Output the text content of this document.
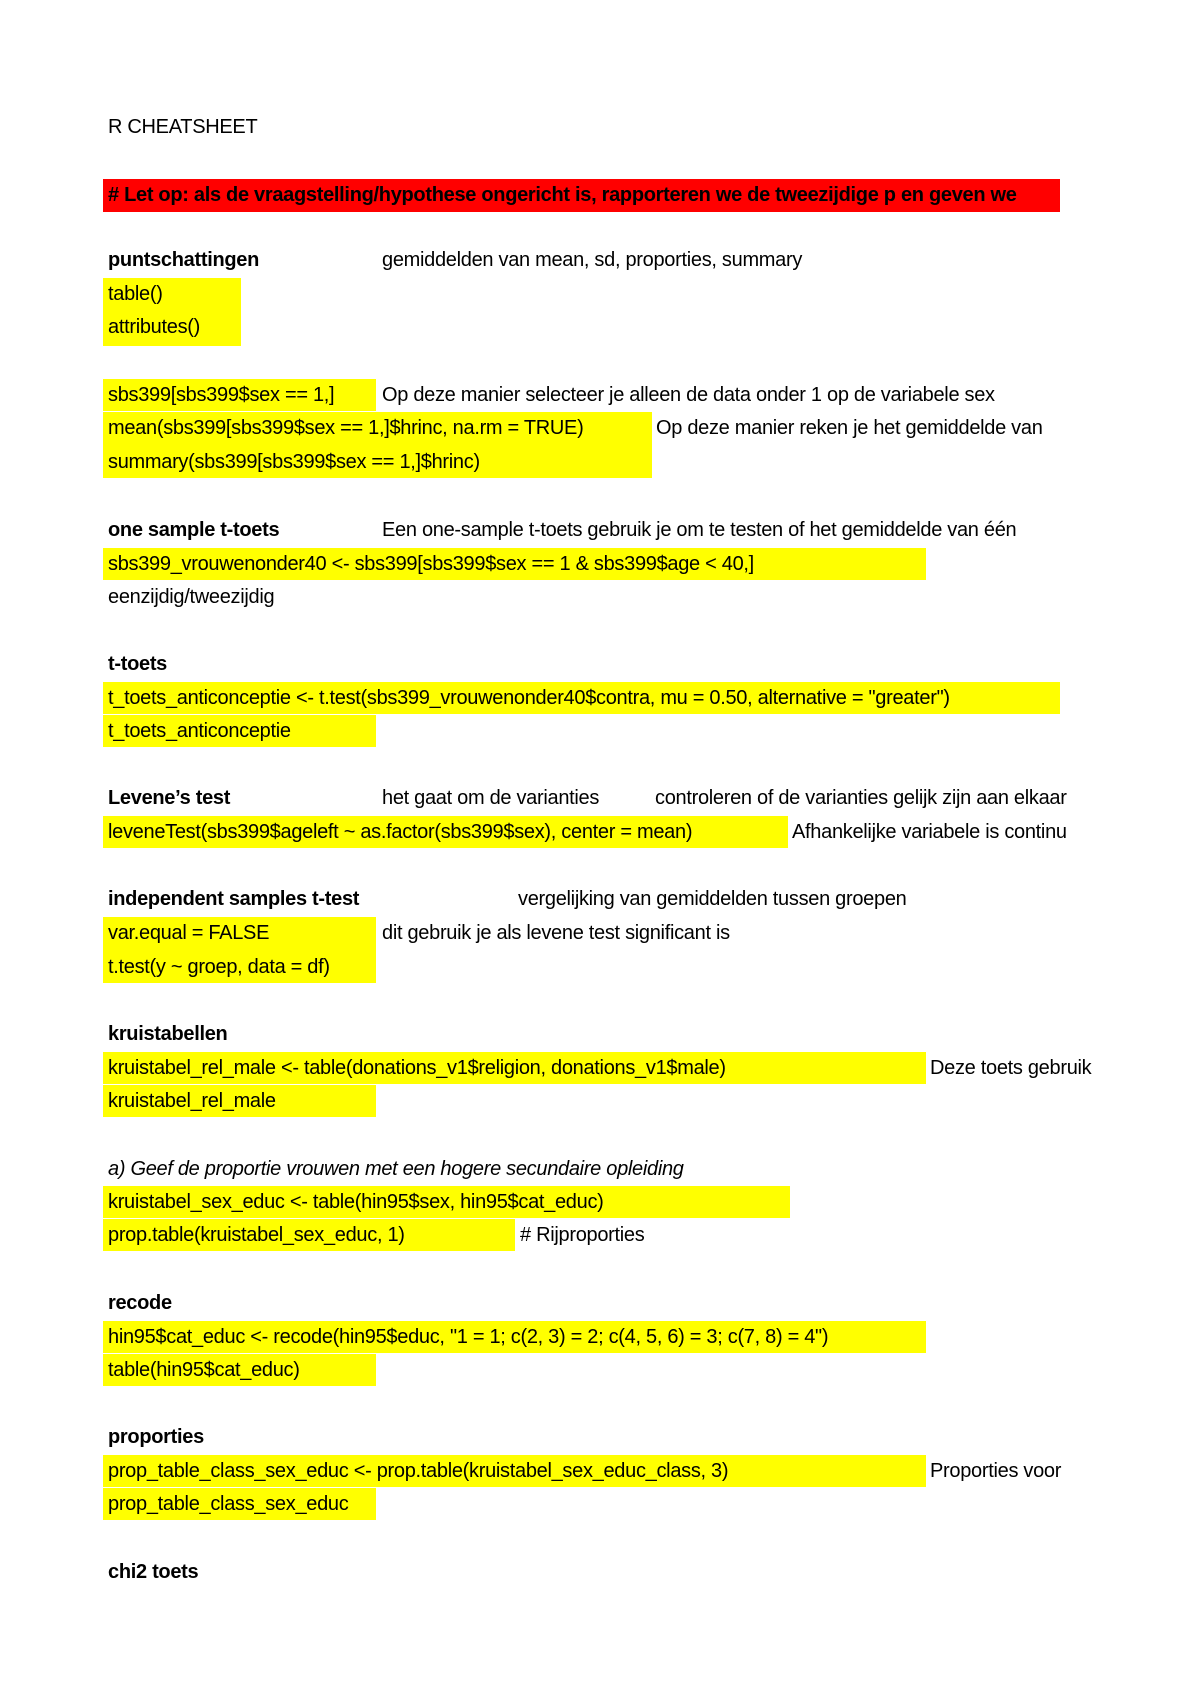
R CHEATSHEET
# Let op: als de vraagstelling/hypothese ongericht is, rapporteren we de tweezijdige p en geven we
puntschattingen	gemiddelden van mean, sd, proporties, summary
table()
attributes()
sbs399[sbs399$sex == 1,] Op deze manier selecteer je alleen de data onder 1 op de variabele sex
mean(sbs399[sbs399$sex == 1,]$hrinc, na.rm = TRUE)	Op deze manier reken je het gemiddelde van
summary(sbs399[sbs399$sex == 1,]$hrinc)
one sample t-toets	Een one-sample t-toets gebruik je om te testen of het gemiddelde van één
sbs399_vrouwenonder40 <- sbs399[sbs399$sex == 1 & sbs399$age < 40,]
eenzijdig/tweezijdig
t-toets
t_toets_anticonceptie <- t.test(sbs399_vrouwenonder40$contra, mu = 0.50, alternative = "greater")
t_toets_anticonceptie
Levene’s test	het gaat om de varianties	controleren of de varianties gelijk zijn aan elkaar
leveneTest(sbs399$ageleft ~ as.factor(sbs399$sex), center = mean)	Afhankelijke variabele is continu
independent samples t-test	vergelijking van gemiddelden tussen groepen
var.equal = FALSE	dit gebruik je als levene test significant is
t.test(y ~ groep, data = df)
kruistabellen
kruistabel_rel_male <- table(donations_v1$religion, donations_v1$male)	Deze toets gebruik
kruistabel_rel_male
a) Geef de proportie vrouwen met een hogere secundaire opleiding
kruistabel_sex_educ <- table(hin95$sex, hin95$cat_educ)
prop.table(kruistabel_sex_educ, 1)	# Rijproporties
recode
hin95$cat_educ <- recode(hin95$educ, "1 = 1; c(2, 3) = 2; c(4, 5, 6) = 3; c(7, 8) = 4")
table(hin95$cat_educ)
proporties
prop_table_class_sex_educ <- prop.table(kruistabel_sex_educ_class, 3)	Proporties voor
prop_table_class_sex_educ
chi2 toets
